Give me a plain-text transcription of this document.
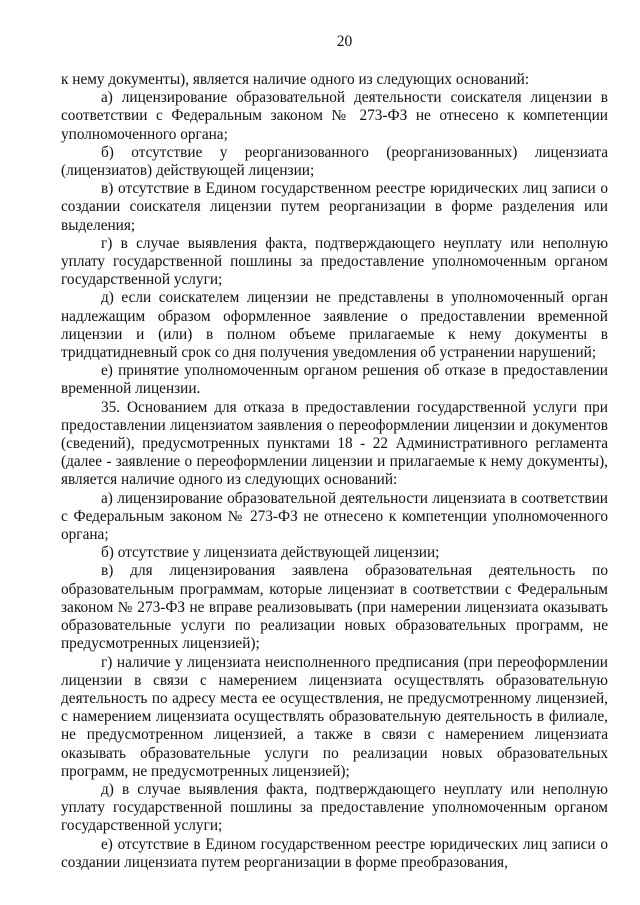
20

к нему документы), является наличие одного из следующих оснований:

а) лицензирование образовательной деятельности соискателя лицензии в соответствии с Федеральным законом № 273-ФЗ не отнесено к компетенции уполномоченного органа;

б) отсутствие у реорганизованного (реорганизованных) лицензиата (лицензиатов) действующей лицензии;

в) отсутствие в Едином государственном реестре юридических лиц записи о создании соискателя лицензии путем реорганизации в форме разделения или выделения;

г) в случае выявления факта, подтверждающего неуплату или неполную уплату государственной пошлины за предоставление уполномоченным органом государственной услуги;

д) если соискателем лицензии не представлены в уполномоченный орган надлежащим образом оформленное заявление о предоставлении временной лицензии и (или) в полном объеме прилагаемые к нему документы в тридцатидневный срок со дня получения уведомления об устранении нарушений;

е) принятие уполномоченным органом решения об отказе в предоставлении временной лицензии.

35. Основанием для отказа в предоставлении государственной услуги при предоставлении лицензиатом заявления о переоформлении лицензии и документов (сведений), предусмотренных пунктами 18 - 22 Административного регламента (далее - заявление о переоформлении лицензии и прилагаемые к нему документы), является наличие одного из следующих оснований:

а) лицензирование образовательной деятельности лицензиата в соответствии с Федеральным законом № 273-ФЗ не отнесено к компетенции уполномоченного органа;

б) отсутствие у лицензиата действующей лицензии;

в) для лицензирования заявлена образовательная деятельность по образовательным программам, которые лицензиат в соответствии с Федеральным законом № 273-ФЗ не вправе реализовывать (при намерении лицензиата оказывать образовательные услуги по реализации новых образовательных программ, не предусмотренных лицензией);

г) наличие у лицензиата неисполненного предписания (при переоформлении лицензии в связи с намерением лицензиата осуществлять образовательную деятельность по адресу места ее осуществления, не предусмотренному лицензией, с намерением лицензиата осуществлять образовательную деятельность в филиале, не предусмотренном лицензией, а также в связи с намерением лицензиата оказывать образовательные услуги по реализации новых образовательных программ, не предусмотренных лицензией);

д) в случае выявления факта, подтверждающего неуплату или неполную уплату государственной пошлины за предоставление уполномоченным органом государственной услуги;

е) отсутствие в Едином государственном реестре юридических лиц записи о создании лицензиата путем реорганизации в форме преобразования,
